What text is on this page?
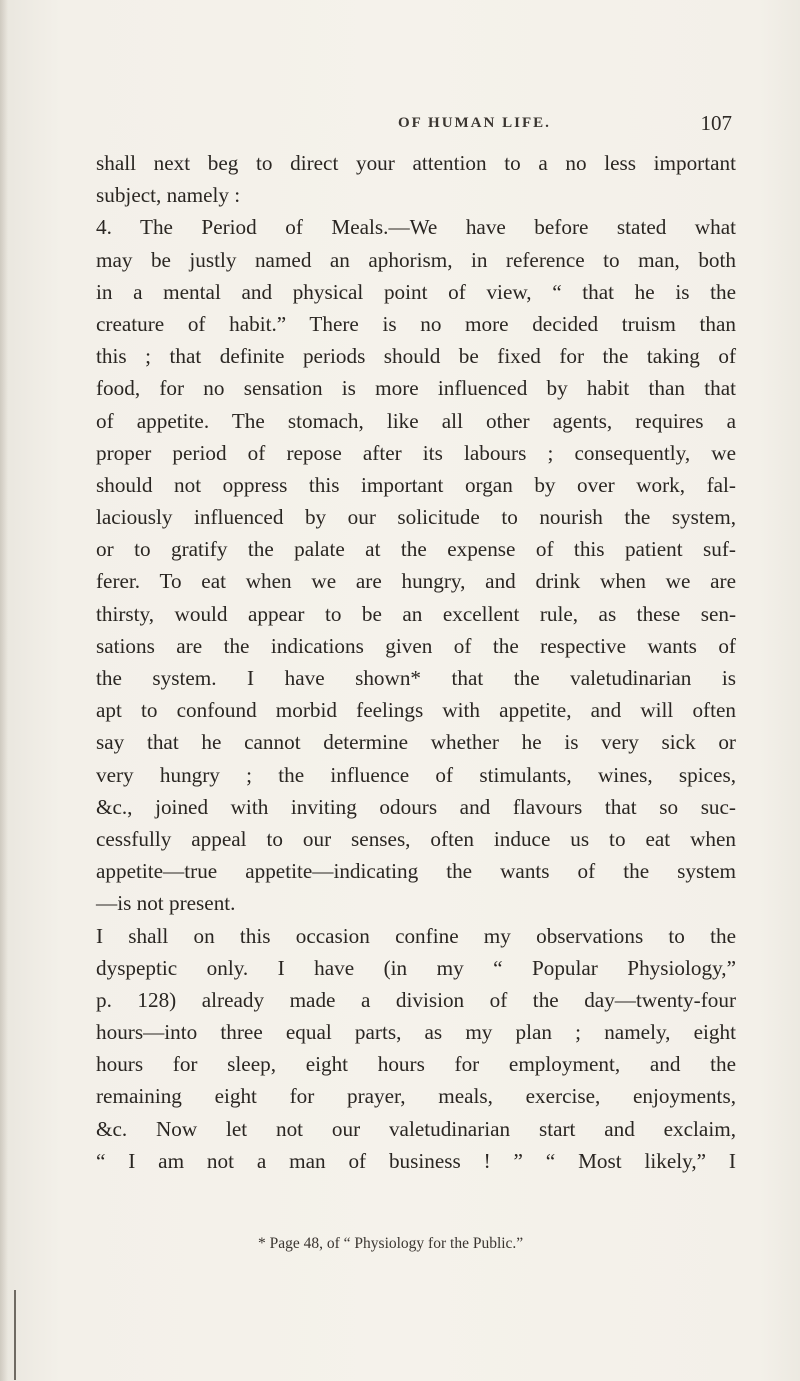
OF HUMAN LIFE.	107
shall next beg to direct your attention to a no less important
subject, namely :
4. The Period of Meals.—We have before stated what
may be justly named an aphorism, in reference to man, both
in a mental and physical point of view, “ that he is the
creature of habit.” There is no more decided truism than
this ; that definite periods should be fixed for the taking of
food, for no sensation is more influenced by habit than that
of appetite. The stomach, like all other agents, requires a
proper period of repose after its labours ; consequently, we
should not oppress this important organ by over work, fal-
laciously influenced by our solicitude to nourish the system,
or to gratify the palate at the expense of this patient suf-
ferer. To eat when we are hungry, and drink when we are
thirsty, would appear to be an excellent rule, as these sen-
sations are the indications given of the respective wants of
the system. I have shown* that the valetudinarian is
apt to confound morbid feelings with appetite, and will often
say that he cannot determine whether he is very sick or
very hungry ; the influence of stimulants, wines, spices,
&c., joined with inviting odours and flavours that so suc-
cessfully appeal to our senses, often induce us to eat when
appetite—true appetite—indicating the wants of the system
—is not present.
I shall on this occasion confine my observations to the
dyspeptic only. I have (in my “ Popular Physiology,”
p. 128) already made a division of the day—twenty-four
hours—into three equal parts, as my plan ; namely, eight
hours for sleep, eight hours for employment, and the
remaining eight for prayer, meals, exercise, enjoyments,
&c. Now let not our valetudinarian start and exclaim,
“ I am not a man of business ! ” “ Most likely,” I
* Page 48, of “ Physiology for the Public.”
